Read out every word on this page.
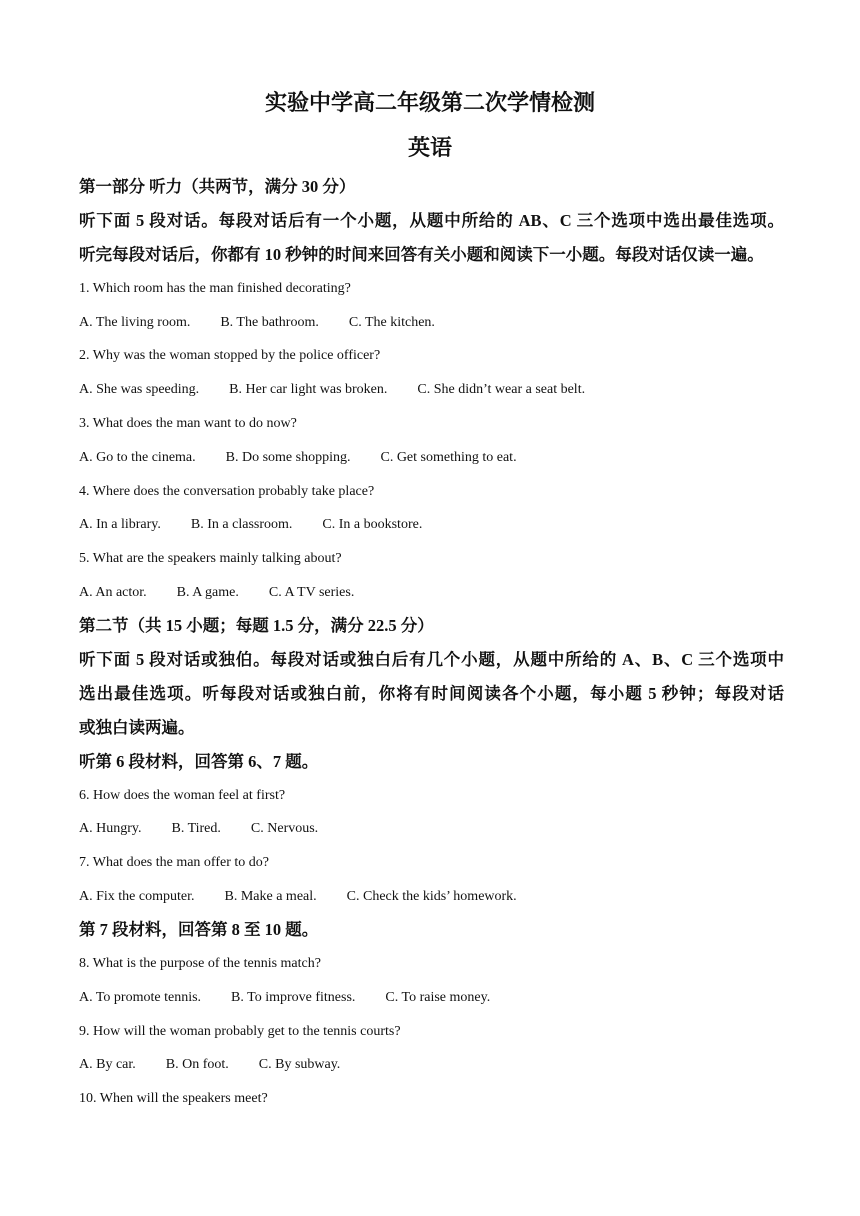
实验中学高二年级第二次学情检测
英语
第一部分 听力（共两节，满分 30 分）
听下面 5 段对话。每段对话后有一个小题，从题中所给的 AB、C 三个选项中选出最佳选项。
听完每段对话后，你都有 10 秒钟的时间来回答有关小题和阅读下一小题。每段对话仅读一遍。
1. Which room has the man finished decorating?
A. The living room. B. The bathroom. C. The kitchen.
2. Why was the woman stopped by the police officer?
A. She was speeding. B. Her car light was broken. C. She didn’t wear a seat belt.
3. What does the man want to do now?
A. Go to the cinema. B. Do some shopping. C. Get something to eat.
4. Where does the conversation probably take place?
A. In a library. B. In a classroom. C. In a bookstore.
5. What are the speakers mainly talking about?
A. An actor. B. A game. C. A TV series.
第二节（共 15 小题；每题 1.5 分，满分 22.5 分）
听下面 5 段对话或独伯。每段对话或独白后有几个小题，从题中所给的 A、B、C 三个选项中
选出最佳选项。听每段对话或独白前，你将有时间阅读各个小题，每小题 5 秒钟；每段对话
或独白读两遍。
听第 6 段材料，回答第 6、7 题。
6. How does the woman feel at first?
A. Hungry. B. Tired. C. Nervous.
7. What does the man offer to do?
A. Fix the computer. B. Make a meal. C. Check the kids’ homework.
第 7 段材料，回答第 8 至 10 题。
8. What is the purpose of the tennis match?
A. To promote tennis. B. To improve fitness. C. To raise money.
9. How will the woman probably get to the tennis courts?
A. By car. B. On foot. C. By subway.
10. When will the speakers meet?
